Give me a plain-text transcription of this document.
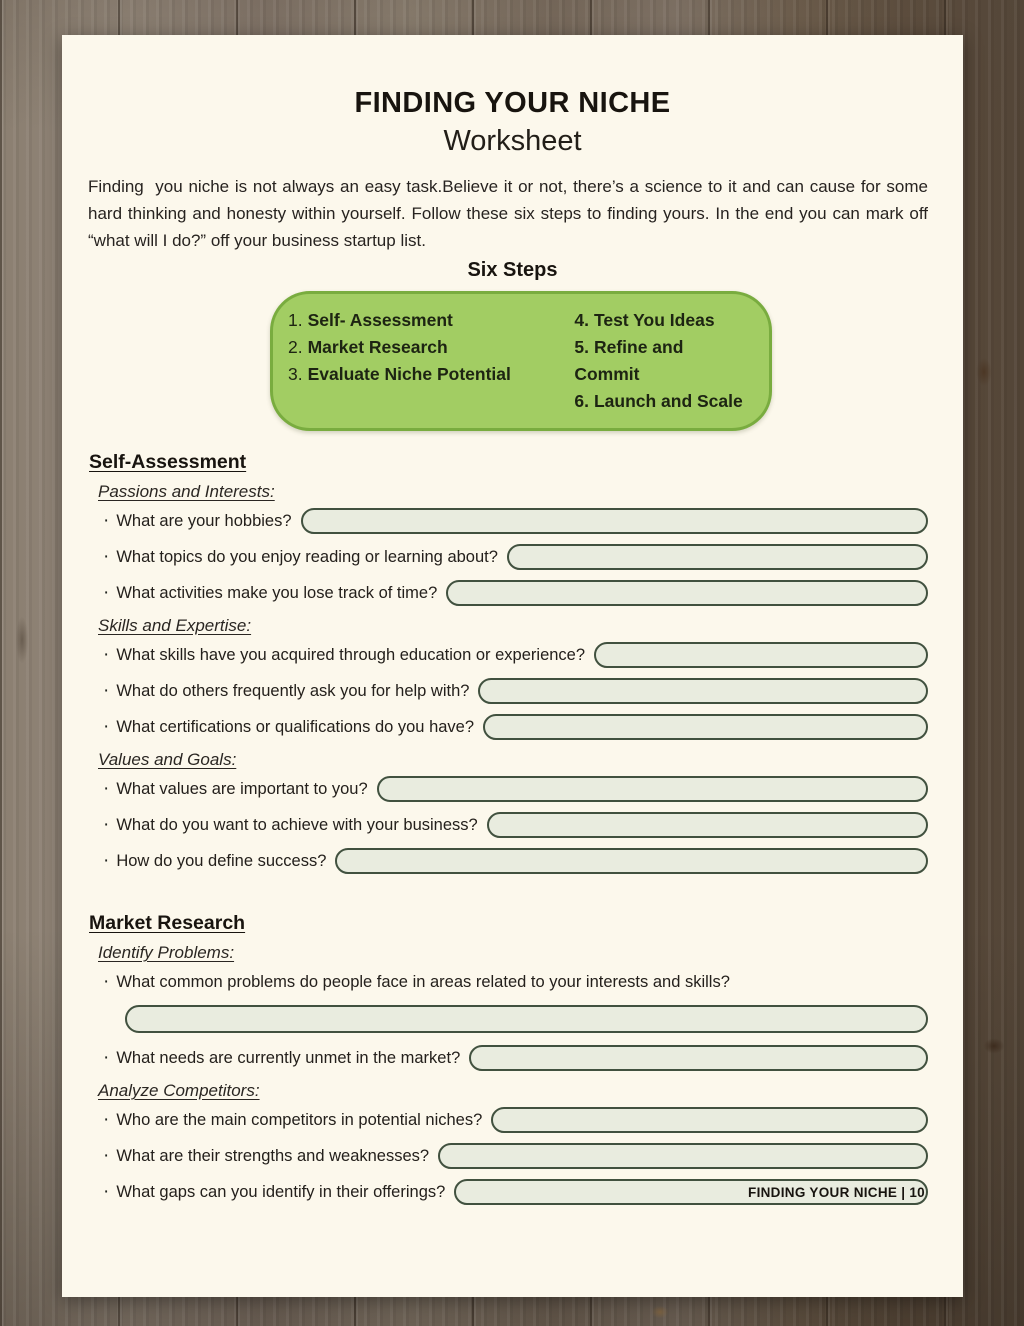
FINDING YOUR NICHE
Worksheet

Finding  you niche is not always an easy task.Believe it or not, there’s a science to it and can cause for some hard thinking and honesty within yourself. Follow these six steps to finding yours. In the end you can mark off “what will I do?” off your business startup list.

Six Steps
1. Self- Assessment
2. Market Research
3. Evaluate Niche Potential
4. Test You Ideas
5. Refine and Commit
6. Launch and Scale
Self-Assessment
Passions and Interests:
· What are your hobbies?
· What topics do you enjoy reading or learning about?
· What activities make you lose track of time?
Skills and Expertise:
· What skills have you acquired through education or experience?
· What do others frequently ask you for help with?
· What certifications or qualifications do you have?
Values and Goals:
· What values are important to you?
· What do you want to achieve with your business?
· How do you define success?
Market Research
Identify Problems:
· What common problems do people face in areas related to your interests and skills?
· What needs are currently unmet in the market?
Analyze Competitors:
· Who are the main competitors in potential niches?
· What are their strengths and weaknesses?
· What gaps can you identify in their offerings?	FINDING YOUR NICHE | 10
